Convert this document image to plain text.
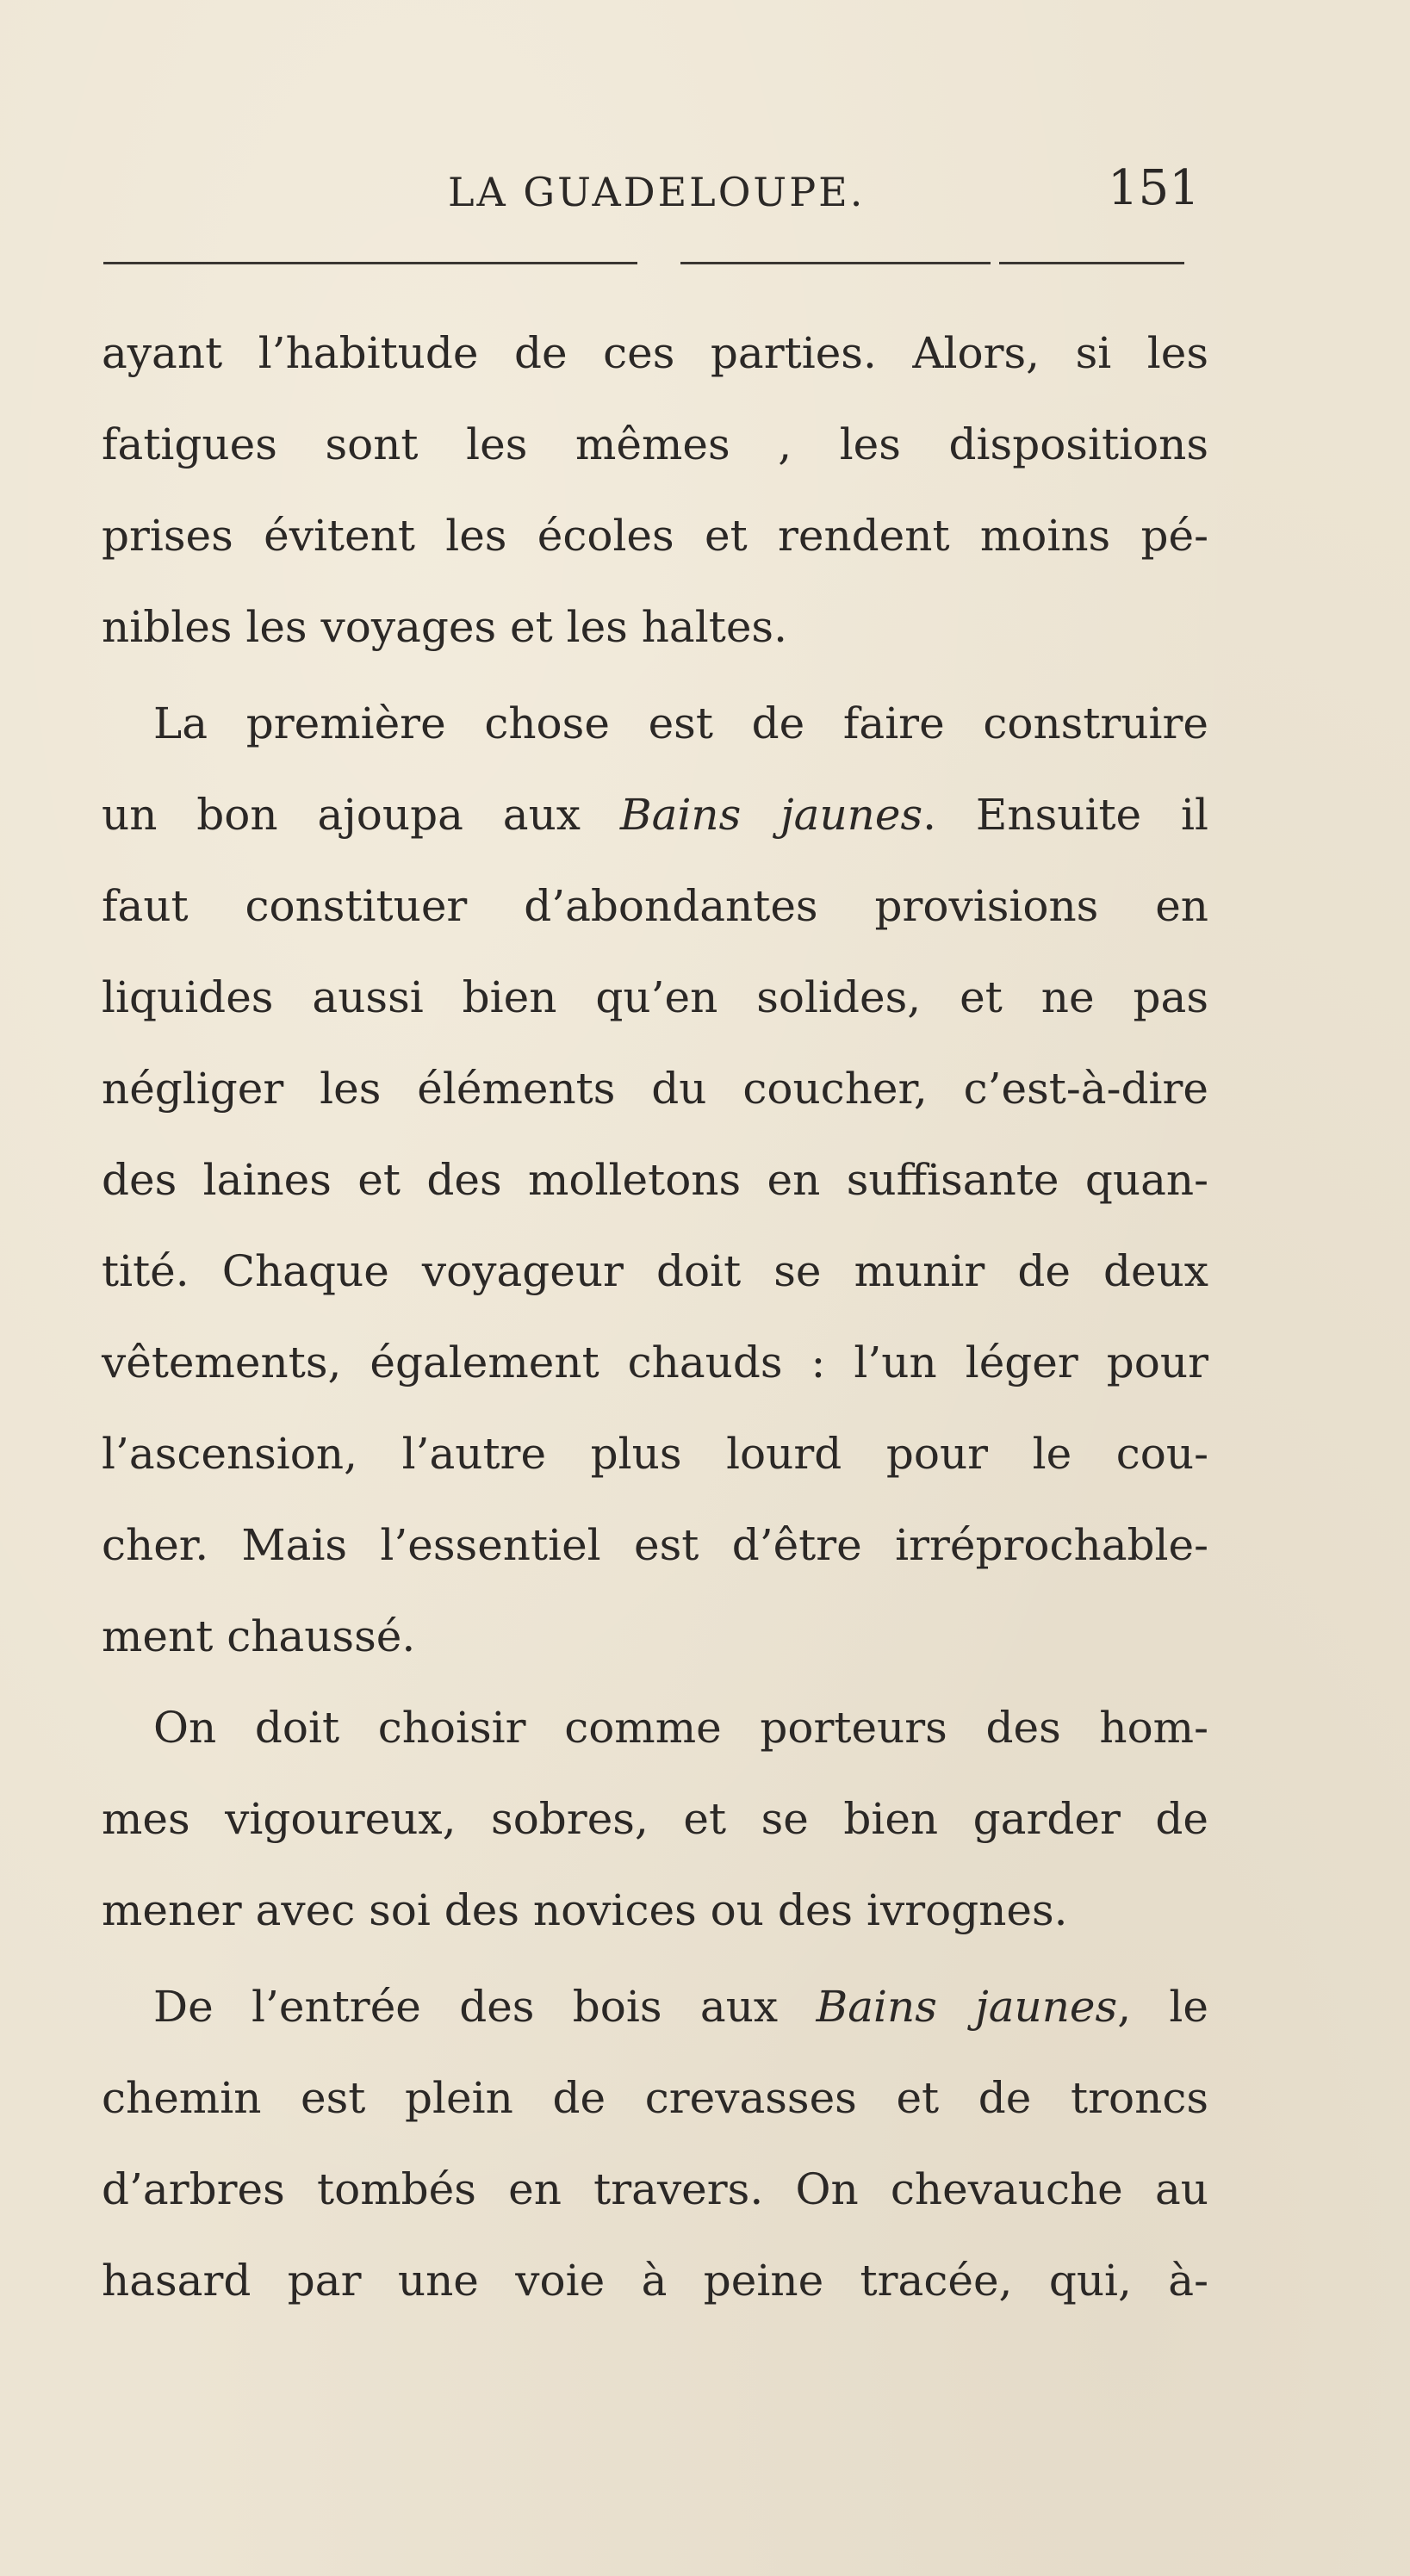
LA GUADELOUPE.	151
ayant l’habitude de ces parties. Alors, si les
fatigues sont les mêmes , les dispositions
prises évitent les écoles et rendent moins pé-
nibles les voyages et les haltes.
La première chose est de faire construire
un bon ajoupa aux Bains jaunes. Ensuite il
faut constituer d’abondantes provisions en
liquides aussi bien qu’en solides, et ne pas
négliger les éléments du coucher, c’est-à-dire
des laines et des molletons en suffisante quan-
tité. Chaque voyageur doit se munir de deux
vêtements, également chauds : l’un léger pour
l’ascension, l’autre plus lourd pour le cou-
cher. Mais l’essentiel est d’être irréprochable-
ment chaussé.
On doit choisir comme porteurs des hom-
mes vigoureux, sobres, et se bien garder de
mener avec soi des novices ou des ivrognes.
De l’entrée des bois aux Bains jaunes, le
chemin est plein de crevasses et de troncs
d’arbres tombés en travers. On chevauche au
hasard par une voie à peine tracée, qui, à-
